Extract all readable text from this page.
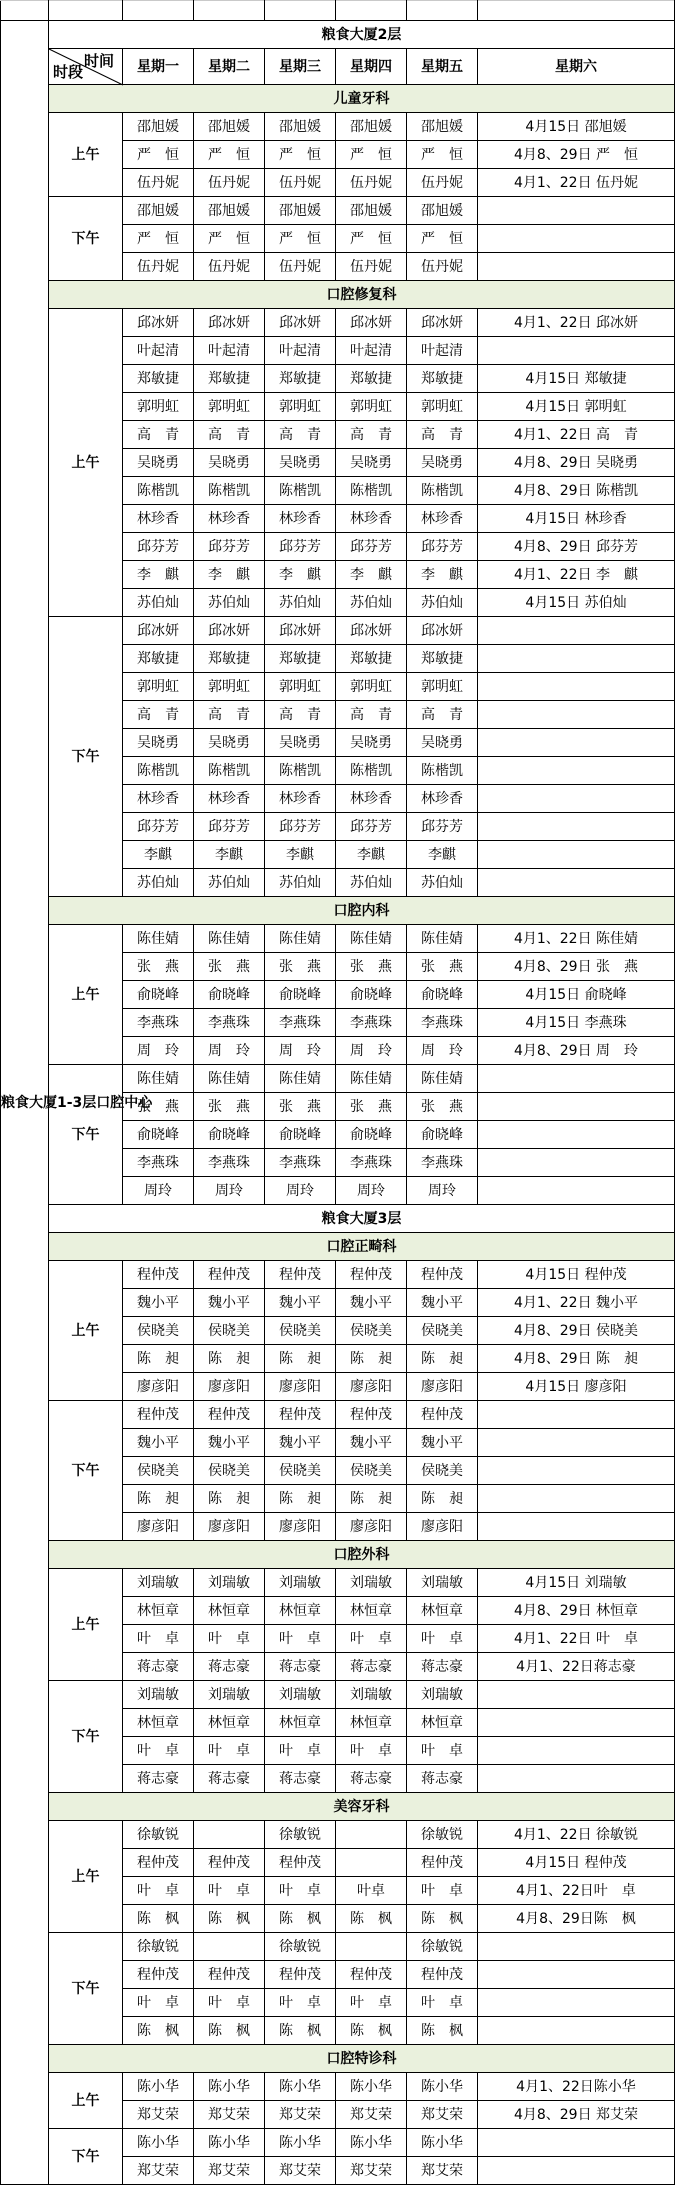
粮食大厦1-3层口腔中心	粮食大厦2层						

	时间
时段	星期一	星期二	星期三	星期四	星期五	星期六
	儿童牙科						
	上午	邵旭媛	邵旭媛	邵旭媛	邵旭媛	邵旭媛	4月15日 邵旭媛
		严　恒	严　恒	严　恒	严　恒	严　恒	4月8、29日 严　恒
		伍丹妮	伍丹妮	伍丹妮	伍丹妮	伍丹妮	4月1、22日 伍丹妮
	下午	邵旭媛	邵旭媛	邵旭媛	邵旭媛	邵旭媛	
		严　恒	严　恒	严　恒	严　恒	严　恒	
		伍丹妮	伍丹妮	伍丹妮	伍丹妮	伍丹妮	
	口腔修复科						
	上午	邱冰妍	邱冰妍	邱冰妍	邱冰妍	邱冰妍	4月1、22日 邱冰妍
		叶起清	叶起清	叶起清	叶起清	叶起清	
		郑敏捷	郑敏捷	郑敏捷	郑敏捷	郑敏捷	4月15日 郑敏捷
		郭明虹	郭明虹	郭明虹	郭明虹	郭明虹	4月15日 郭明虹
		高　青	高　青	高　青	高　青	高　青	4月1、22日 高　青
		吴晓勇	吴晓勇	吴晓勇	吴晓勇	吴晓勇	4月8、29日 吴晓勇
		陈楷凯	陈楷凯	陈楷凯	陈楷凯	陈楷凯	4月8、29日 陈楷凯
		林珍香	林珍香	林珍香	林珍香	林珍香	4月15日 林珍香
		邱芬芳	邱芬芳	邱芬芳	邱芬芳	邱芬芳	4月8、29日 邱芬芳
		李　麒	李　麒	李　麒	李　麒	李　麒	4月1、22日 李　麒
		苏伯灿	苏伯灿	苏伯灿	苏伯灿	苏伯灿	4月15日 苏伯灿
	下午	邱冰妍	邱冰妍	邱冰妍	邱冰妍	邱冰妍	
		郑敏捷	郑敏捷	郑敏捷	郑敏捷	郑敏捷	
		郭明虹	郭明虹	郭明虹	郭明虹	郭明虹	
		高　青	高　青	高　青	高　青	高　青	
		吴晓勇	吴晓勇	吴晓勇	吴晓勇	吴晓勇	
		陈楷凯	陈楷凯	陈楷凯	陈楷凯	陈楷凯	
		林珍香	林珍香	林珍香	林珍香	林珍香	
		邱芬芳	邱芬芳	邱芬芳	邱芬芳	邱芬芳	
		李麒	李麒	李麒	李麒	李麒	
		苏伯灿	苏伯灿	苏伯灿	苏伯灿	苏伯灿	
	口腔内科						
	上午	陈佳婧	陈佳婧	陈佳婧	陈佳婧	陈佳婧	4月1、22日 陈佳婧
		张　燕	张　燕	张　燕	张　燕	张　燕	4月8、29日 张　燕
		俞晓峰	俞晓峰	俞晓峰	俞晓峰	俞晓峰	4月15日 俞晓峰
		李燕珠	李燕珠	李燕珠	李燕珠	李燕珠	4月15日 李燕珠
		周　玲	周　玲	周　玲	周　玲	周　玲	4月8、29日 周　玲
	下午	陈佳婧	陈佳婧	陈佳婧	陈佳婧	陈佳婧	
		张　燕	张　燕	张　燕	张　燕	张　燕	
		俞晓峰	俞晓峰	俞晓峰	俞晓峰	俞晓峰	
		李燕珠	李燕珠	李燕珠	李燕珠	李燕珠	
		周玲	周玲	周玲	周玲	周玲	
	粮食大厦3层						
	口腔正畸科						
	上午	程仲茂	程仲茂	程仲茂	程仲茂	程仲茂	4月15日 程仲茂
		魏小平	魏小平	魏小平	魏小平	魏小平	4月1、22日 魏小平
		侯晓美	侯晓美	侯晓美	侯晓美	侯晓美	4月8、29日 侯晓美
		陈　昶	陈　昶	陈　昶	陈　昶	陈　昶	4月8、29日 陈　昶
		廖彦阳	廖彦阳	廖彦阳	廖彦阳	廖彦阳	4月15日 廖彦阳
	下午	程仲茂	程仲茂	程仲茂	程仲茂	程仲茂	
		魏小平	魏小平	魏小平	魏小平	魏小平	
		侯晓美	侯晓美	侯晓美	侯晓美	侯晓美	
		陈　昶	陈　昶	陈　昶	陈　昶	陈　昶	
		廖彦阳	廖彦阳	廖彦阳	廖彦阳	廖彦阳	
	口腔外科						
	上午	刘瑞敏	刘瑞敏	刘瑞敏	刘瑞敏	刘瑞敏	4月15日 刘瑞敏
		林恒章	林恒章	林恒章	林恒章	林恒章	4月8、29日 林恒章
		叶　卓	叶　卓	叶　卓	叶　卓	叶　卓	4月1、22日 叶　卓
		蒋志豪	蒋志豪	蒋志豪	蒋志豪	蒋志豪	4月1、22日蒋志豪
	下午	刘瑞敏	刘瑞敏	刘瑞敏	刘瑞敏	刘瑞敏	
		林恒章	林恒章	林恒章	林恒章	林恒章	
		叶　卓	叶　卓	叶　卓	叶　卓	叶　卓	
		蒋志豪	蒋志豪	蒋志豪	蒋志豪	蒋志豪	
	美容牙科						
	上午	徐敏锐		徐敏锐		徐敏锐	4月1、22日 徐敏锐
		程仲茂	程仲茂	程仲茂		程仲茂	4月15日 程仲茂
		叶　卓	叶　卓	叶　卓	叶卓	叶　卓	4月1、22日叶　卓
		陈　枫	陈　枫	陈　枫	陈　枫	陈　枫	4月8、29日陈　枫
	下午	徐敏锐		徐敏锐		徐敏锐	
		程仲茂	程仲茂	程仲茂	程仲茂	程仲茂	
		叶　卓	叶　卓	叶　卓	叶　卓	叶　卓	
		陈　枫	陈　枫	陈　枫	陈　枫	陈　枫	
	口腔特诊科						
	上午	陈小华	陈小华	陈小华	陈小华	陈小华	4月1、22日陈小华
		郑艾荣	郑艾荣	郑艾荣	郑艾荣	郑艾荣	4月8、29日 郑艾荣
	下午	陈小华	陈小华	陈小华	陈小华	陈小华	
		郑艾荣	郑艾荣	郑艾荣	郑艾荣	郑艾荣	
